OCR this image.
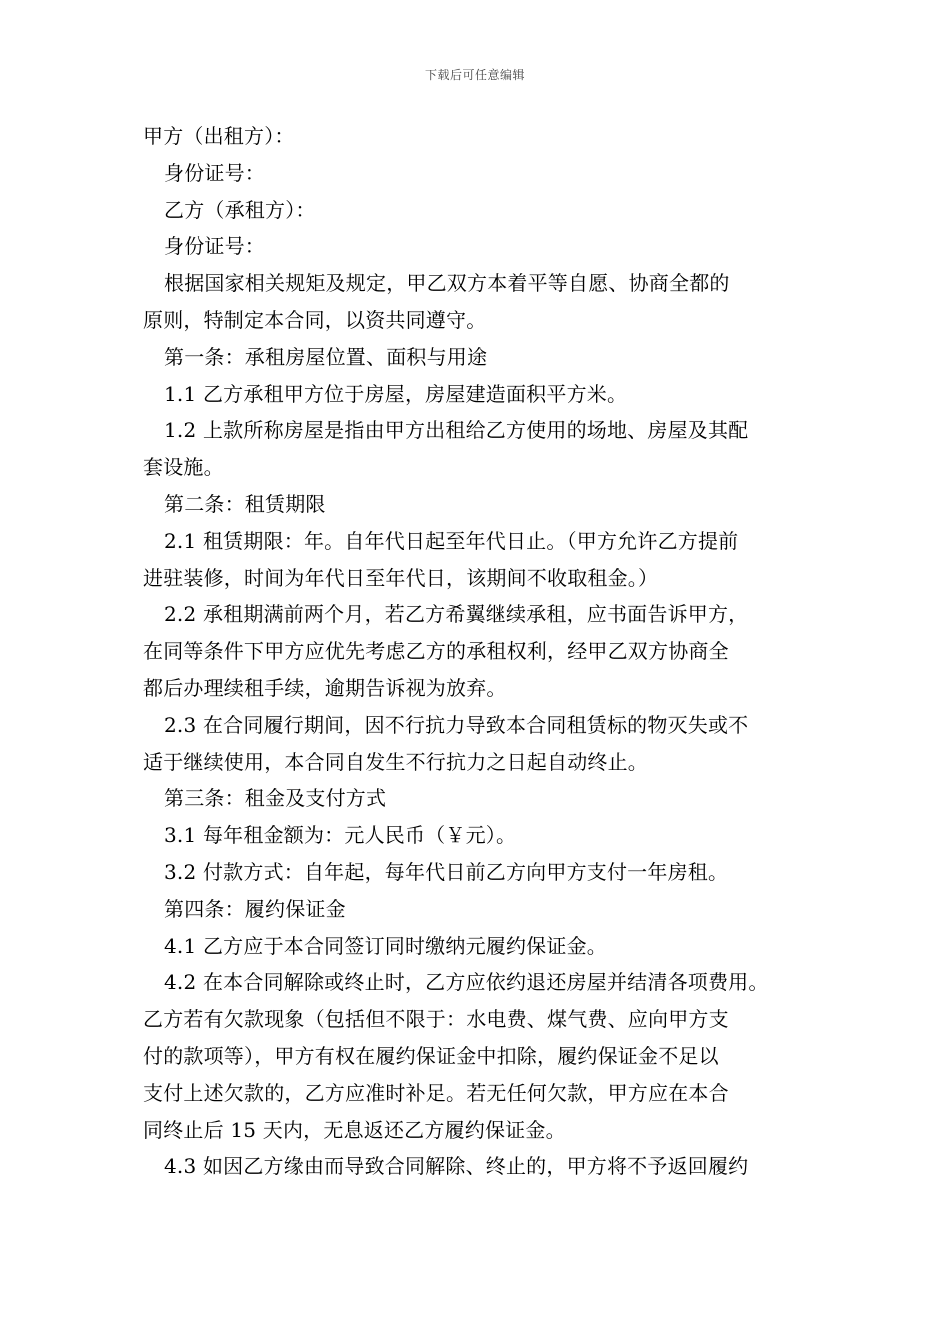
下载后可任意编辑

甲方（出租方）：

身份证号：

乙方（承租方）：

身份证号：

根据国家相关规矩及规定，甲乙双方本着平等自愿、协商全都的

原则，特制定本合同，以资共同遵守。

第一条：承租房屋位置、面积与用途

1.1 乙方承租甲方位于房屋，房屋建造面积平方米。

1.2 上款所称房屋是指由甲方出租给乙方使用的场地、房屋及其配

套设施。

第二条：租赁期限

2.1 租赁期限：年。自年代日起至年代日止。（甲方允许乙方提前

进驻装修，时间为年代日至年代日，该期间不收取租金。）

2.2 承租期满前两个月，若乙方希翼继续承租，应书面告诉甲方，

在同等条件下甲方应优先考虑乙方的承租权利，经甲乙双方协商全

都后办理续租手续，逾期告诉视为放弃。

2.3 在合同履行期间，因不行抗力导致本合同租赁标的物灭失或不

适于继续使用，本合同自发生不行抗力之日起自动终止。

第三条：租金及支付方式

3.1 每年租金额为：元人民币（￥元）。

3.2 付款方式：自年起，每年代日前乙方向甲方支付一年房租。

第四条：履约保证金

4.1 乙方应于本合同签订同时缴纳元履约保证金。

4.2 在本合同解除或终止时，乙方应依约退还房屋并结清各项费用。

乙方若有欠款现象（包括但不限于：水电费、煤气费、应向甲方支

付的款项等），甲方有权在履约保证金中扣除，履约保证金不足以

支付上述欠款的，乙方应准时补足。若无任何欠款，甲方应在本合

同终止后 15 天内，无息返还乙方履约保证金。

4.3 如因乙方缘由而导致合同解除、终止的，甲方将不予返回履约
